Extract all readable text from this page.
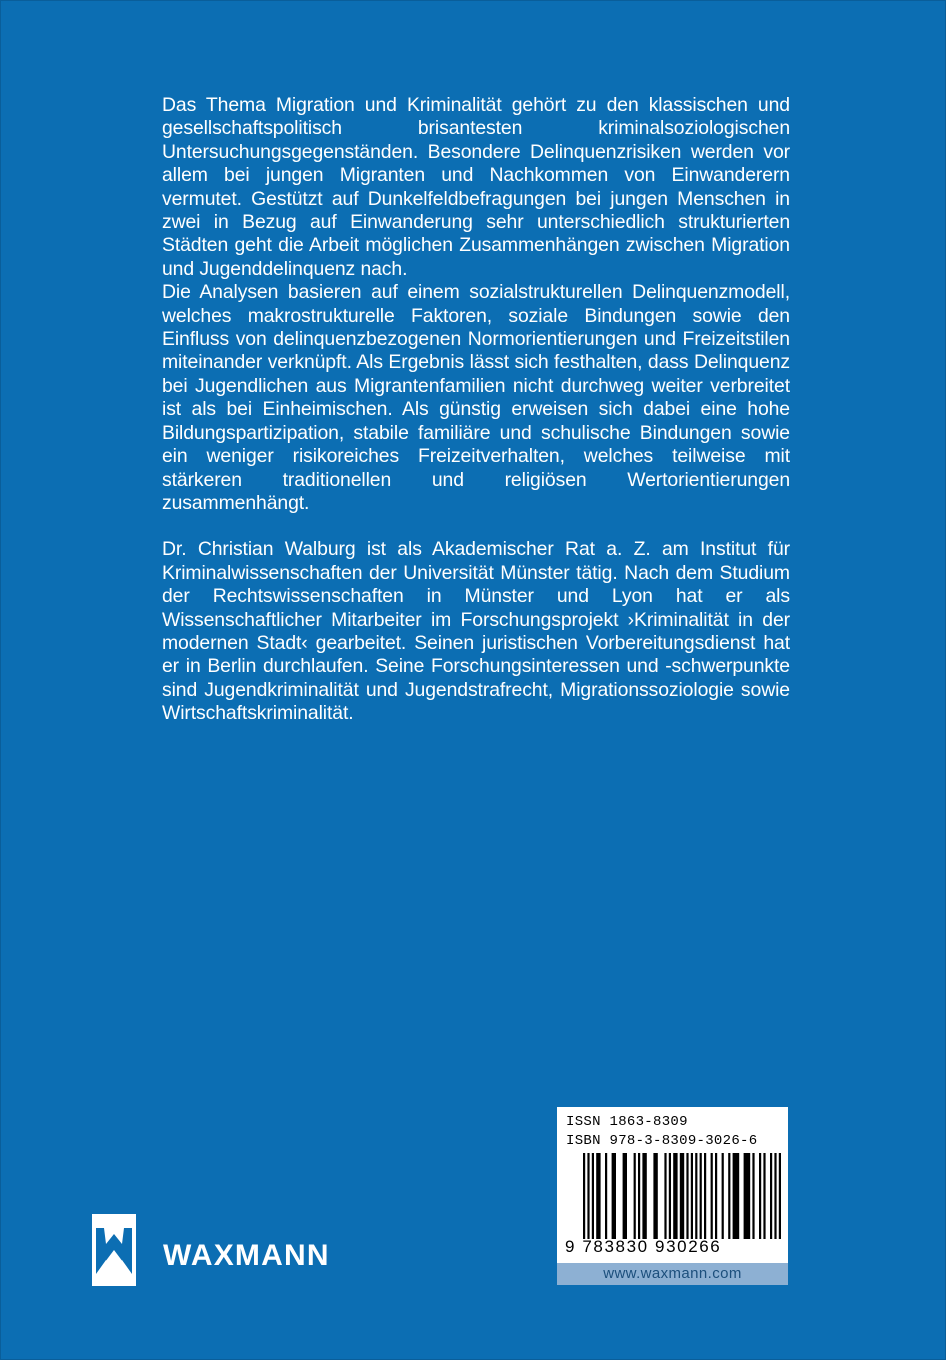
Das Thema Migration und Kriminalität gehört zu den klassischen und gesellschaftspolitisch brisantesten kriminalsoziologischen Untersuchungsgegenständen. Besondere Delinquenzrisiken werden vor allem bei jungen Migranten und Nachkommen von Einwanderern vermutet. Gestützt auf Dunkelfeldbefragungen bei jungen Menschen in zwei in Bezug auf Einwanderung sehr unterschiedlich strukturierten Städten geht die Arbeit möglichen Zusammenhängen zwischen Migration und Jugenddelinquenz nach.

Die Analysen basieren auf einem sozialstrukturellen Delinquenzmodell, welches makrostrukturelle Faktoren, soziale Bindungen sowie den Einfluss von delinquenzbezogenen Normorientierungen und Freizeitstilen miteinander verknüpft. Als Ergebnis lässt sich festhalten, dass Delinquenz bei Jugendlichen aus Migrantenfamilien nicht durchweg weiter verbreitet ist als bei Einheimischen. Als günstig erweisen sich dabei eine hohe Bildungspartizipation, stabile familiäre und schulische Bindungen sowie ein weniger risikoreiches Freizeitverhalten, welches teilweise mit stärkeren traditionellen und religiösen Wertorientierungen zusammenhängt.

Dr. Christian Walburg ist als Akademischer Rat a. Z. am Institut für Kriminalwissenschaften der Universität Münster tätig. Nach dem Studium der Rechtswissenschaften in Münster und Lyon hat er als Wissenschaftlicher Mitarbeiter im Forschungsprojekt ›Kriminalität in der modernen Stadt‹ gearbeitet. Seinen juristischen Vorbereitungsdienst hat er in Berlin durchlaufen. Seine Forschungsinteressen und -schwerpunkte sind Jugendkriminalität und Jugendstrafrecht, Migrationssoziologie sowie Wirtschaftskriminalität.

WAXMANN
ISSN 1863-8309
ISBN 978-3-8309-3026-6
9 783830 930266
www.waxmann.com
